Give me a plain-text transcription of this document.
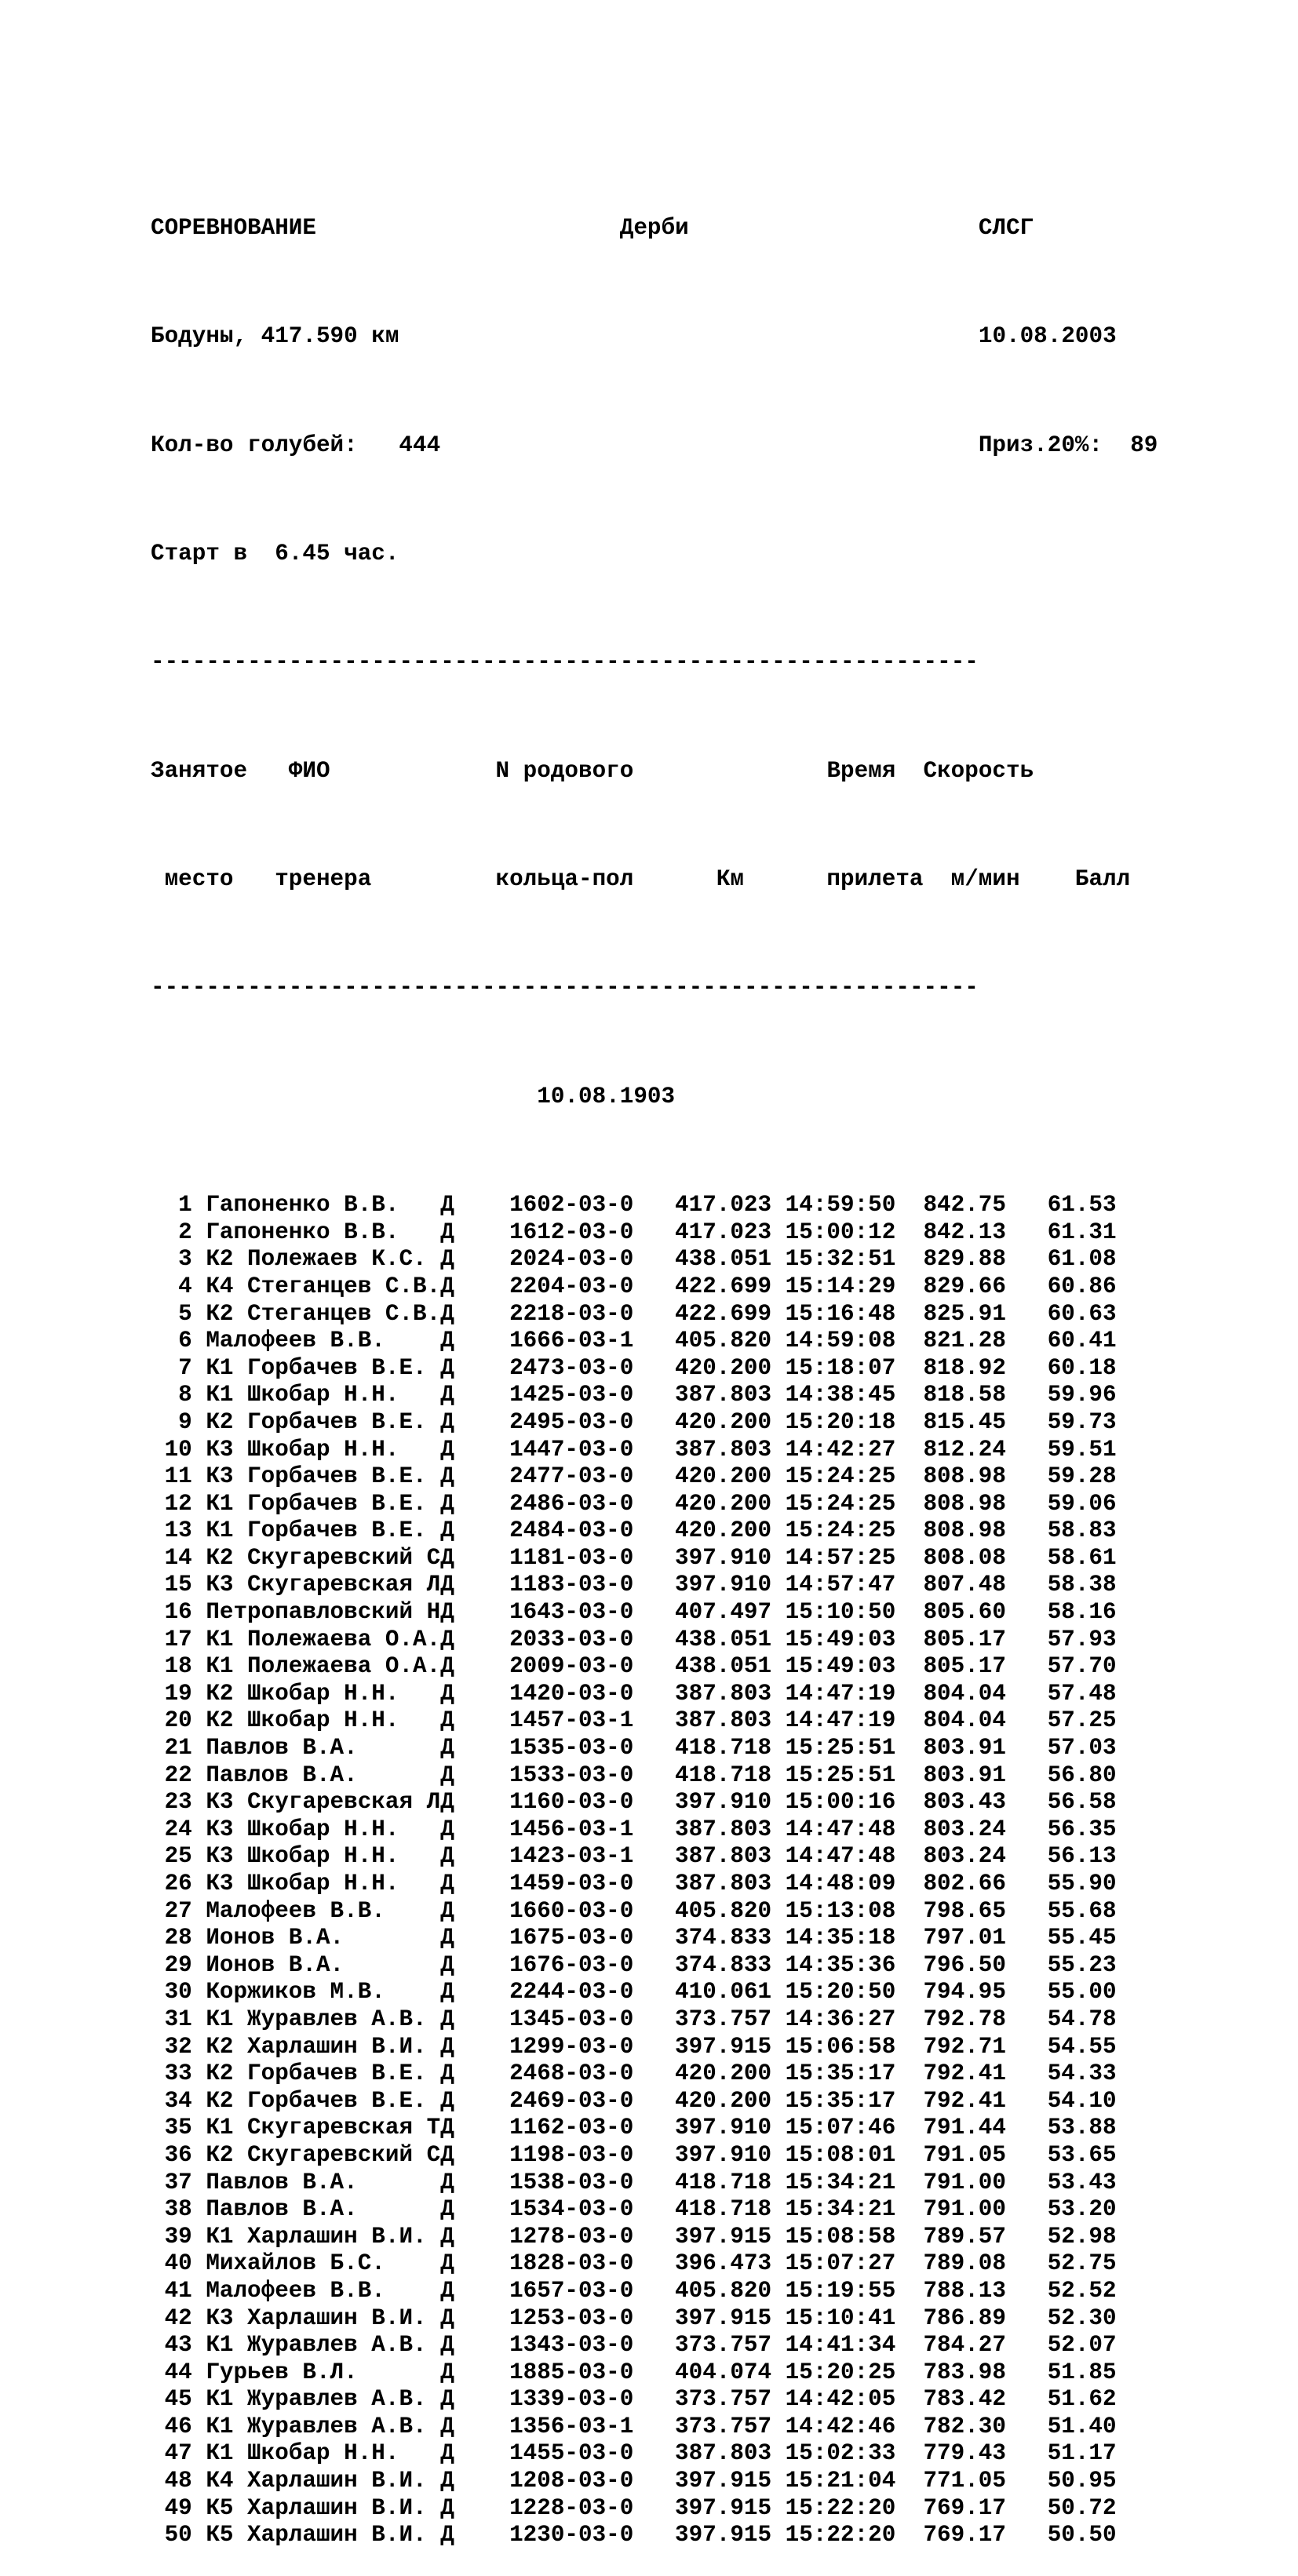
СОРЕВНОВАНИЕ	Дерби	СЛСГ

Бодуны, 417.590 км	10.08.2003

Кол-во голубей: 444	Приз.20%: 89

Старт в 6.45 час.

------------------------------------------------------------

Занятое ФИО	N родового	Время Скорость

место тренера	кольца-пол	Км	прилета м/мин Балл

------------------------------------------------------------

10.08.1903

1 Гапоненко В.В. Д 1602-03-0 417.023 14:59:50 842.75 61.53
2 Гапоненко В.В. Д 1612-03-0 417.023 15:00:12 842.13 61.31
3 К2 Полежаев К.С. Д 2024-03-0 438.051 15:32:51 829.88 61.08
4 К4 Стеганцев С.В.Д 2204-03-0 422.699 15:14:29 829.66 60.86
5 К2 Стеганцев С.В.Д 2218-03-0 422.699 15:16:48 825.91 60.63
6 Малофеев В.В. Д 1666-03-1 405.820 14:59:08 821.28 60.41
7 К1 Горбачев В.Е. Д 2473-03-0 420.200 15:18:07 818.92 60.18
8 К1 Шкобар Н.Н. Д 1425-03-0 387.803 14:38:45 818.58 59.96
9 К2 Горбачев В.Е. Д 2495-03-0 420.200 15:20:18 815.45 59.73
10 К3 Шкобар Н.Н. Д 1447-03-0 387.803 14:42:27 812.24 59.51
11 К3 Горбачев В.Е. Д 2477-03-0 420.200 15:24:25 808.98 59.28
12 К1 Горбачев В.Е. Д 2486-03-0 420.200 15:24:25 808.98 59.06
13 К1 Горбачев В.Е. Д 2484-03-0 420.200 15:24:25 808.98 58.83
14 К2 Скугаревский СД 1181-03-0 397.910 14:57:25 808.08 58.61
15 К3 Скугаревская ЛД 1183-03-0 397.910 14:57:47 807.48 58.38
16 Петропавловский НД 1643-03-0 407.497 15:10:50 805.60 58.16
17 К1 Полежаева О.А.Д 2033-03-0 438.051 15:49:03 805.17 57.93
18 К1 Полежаева О.А.Д 2009-03-0 438.051 15:49:03 805.17 57.70
19 К2 Шкобар Н.Н. Д 1420-03-0 387.803 14:47:19 804.04 57.48
20 К2 Шкобар Н.Н. Д 1457-03-1 387.803 14:47:19 804.04 57.25
21 Павлов В.А.	Д 1535-03-0 418.718 15:25:51 803.91 57.03
22 Павлов В.А.	Д 1533-03-0 418.718 15:25:51 803.91 56.80
23 К3 Скугаревская ЛД 1160-03-0 397.910 15:00:16 803.43 56.58
24 К3 Шкобар Н.Н. Д 1456-03-1 387.803 14:47:48 803.24 56.35
25 К3 Шкобар Н.Н. Д 1423-03-1 387.803 14:47:48 803.24 56.13
26 К3 Шкобар Н.Н. Д 1459-03-0 387.803 14:48:09 802.66 55.90
27 Малофеев В.В. Д 1660-03-0 405.820 15:13:08 798.65 55.68
28 Ионов В.А.	Д 1675-03-0 374.833 14:35:18 797.01 55.45
29 Ионов В.А.	Д 1676-03-0 374.833 14:35:36 796.50 55.23
30 Коржиков М.В. Д 2244-03-0 410.061 15:20:50 794.95 55.00
31 К1 Журавлев А.В. Д 1345-03-0 373.757 14:36:27 792.78 54.78
32 К2 Харлашин В.И. Д 1299-03-0 397.915 15:06:58 792.71 54.55
33 К2 Горбачев В.Е. Д 2468-03-0 420.200 15:35:17 792.41 54.33
34 К2 Горбачев В.Е. Д 2469-03-0 420.200 15:35:17 792.41 54.10
35 К1 Скугаревская ТД 1162-03-0 397.910 15:07:46 791.44 53.88
36 К2 Скугаревский СД 1198-03-0 397.910 15:08:01 791.05 53.65
37 Павлов В.А.	Д 1538-03-0 418.718 15:34:21 791.00 53.43
38 Павлов В.А.	Д 1534-03-0 418.718 15:34:21 791.00 53.20
39 К1 Харлашин В.И. Д 1278-03-0 397.915 15:08:58 789.57 52.98
40 Михайлов Б.С. Д 1828-03-0 396.473 15:07:27 789.08 52.75
41 Малофеев В.В. Д 1657-03-0 405.820 15:19:55 788.13 52.52
42 К3 Харлашин В.И. Д 1253-03-0 397.915 15:10:41 786.89 52.30
43 К1 Журавлев А.В. Д 1343-03-0 373.757 14:41:34 784.27 52.07
44 Гурьев В.Л.	Д 1885-03-0 404.074 15:20:25 783.98 51.85
45 К1 Журавлев А.В. Д 1339-03-0 373.757 14:42:05 783.42 51.62
46 К1 Журавлев А.В. Д 1356-03-1 373.757 14:42:46 782.30 51.40
47 К1 Шкобар Н.Н. Д 1455-03-0 387.803 15:02:33 779.43 51.17
48 К4 Харлашин В.И. Д 1208-03-0 397.915 15:21:04 771.05 50.95
49 К5 Харлашин В.И. Д 1228-03-0 397.915 15:22:20 769.17 50.72
50 К5 Харлашин В.И. Д 1230-03-0 397.915 15:22:20 769.17 50.50
